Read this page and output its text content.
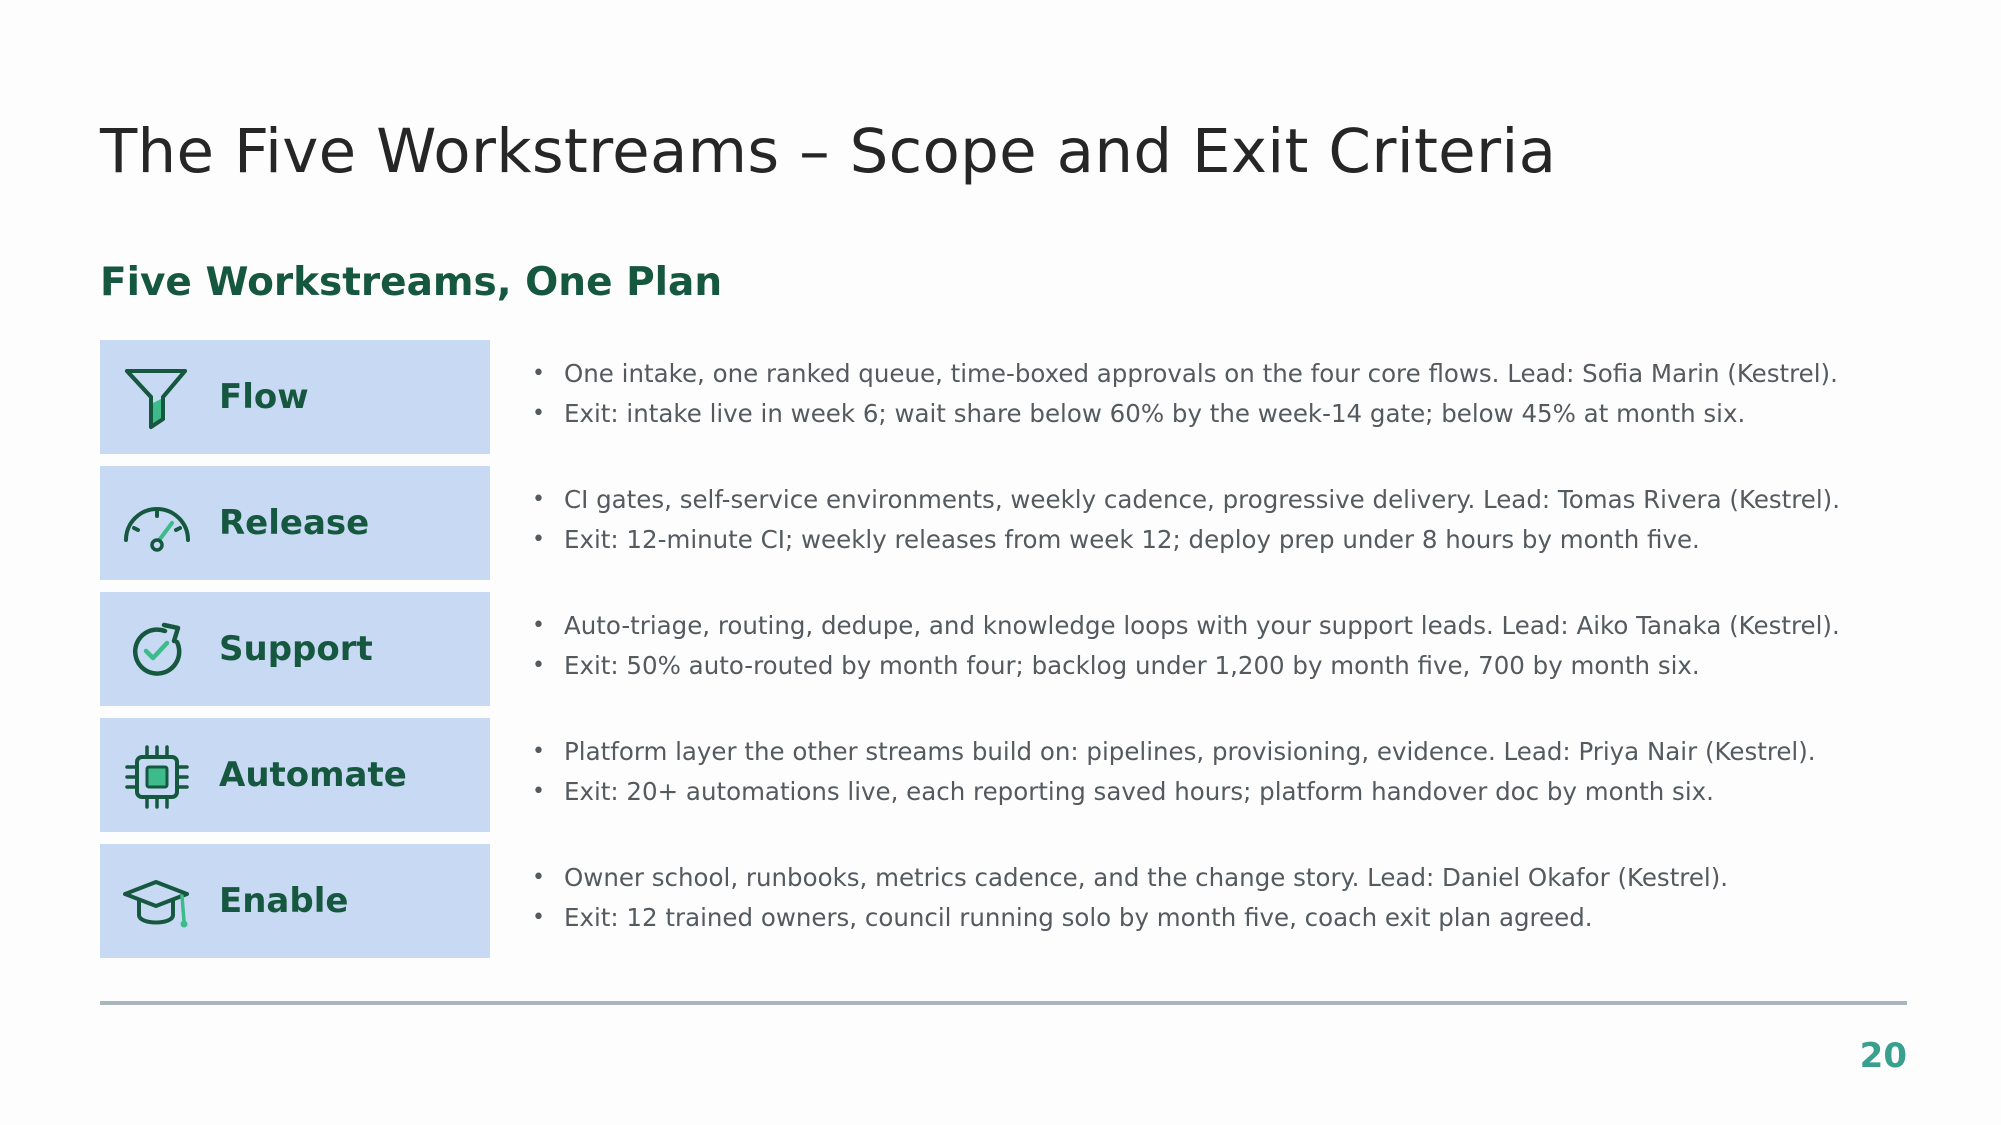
The Five Workstreams – Scope and Exit Criteria
Five Workstreams, One Plan
Flow
• One intake, one ranked queue, time-boxed approvals on the four core flows. Lead: Sofia Marin (Kestrel).
• Exit: intake live in week 6; wait share below 60% by the week-14 gate; below 45% at month six.
Release
• CI gates, self-service environments, weekly cadence, progressive delivery. Lead: Tomas Rivera (Kestrel).
• Exit: 12-minute CI; weekly releases from week 12; deploy prep under 8 hours by month five.
Support
• Auto-triage, routing, dedupe, and knowledge loops with your support leads. Lead: Aiko Tanaka (Kestrel).
• Exit: 50% auto-routed by month four; backlog under 1,200 by month five, 700 by month six.
Automate
• Platform layer the other streams build on: pipelines, provisioning, evidence. Lead: Priya Nair (Kestrel).
• Exit: 20+ automations live, each reporting saved hours; platform handover doc by month six.
Enable
• Owner school, runbooks, metrics cadence, and the change story. Lead: Daniel Okafor (Kestrel).
• Exit: 12 trained owners, council running solo by month five, coach exit plan agreed.
20
